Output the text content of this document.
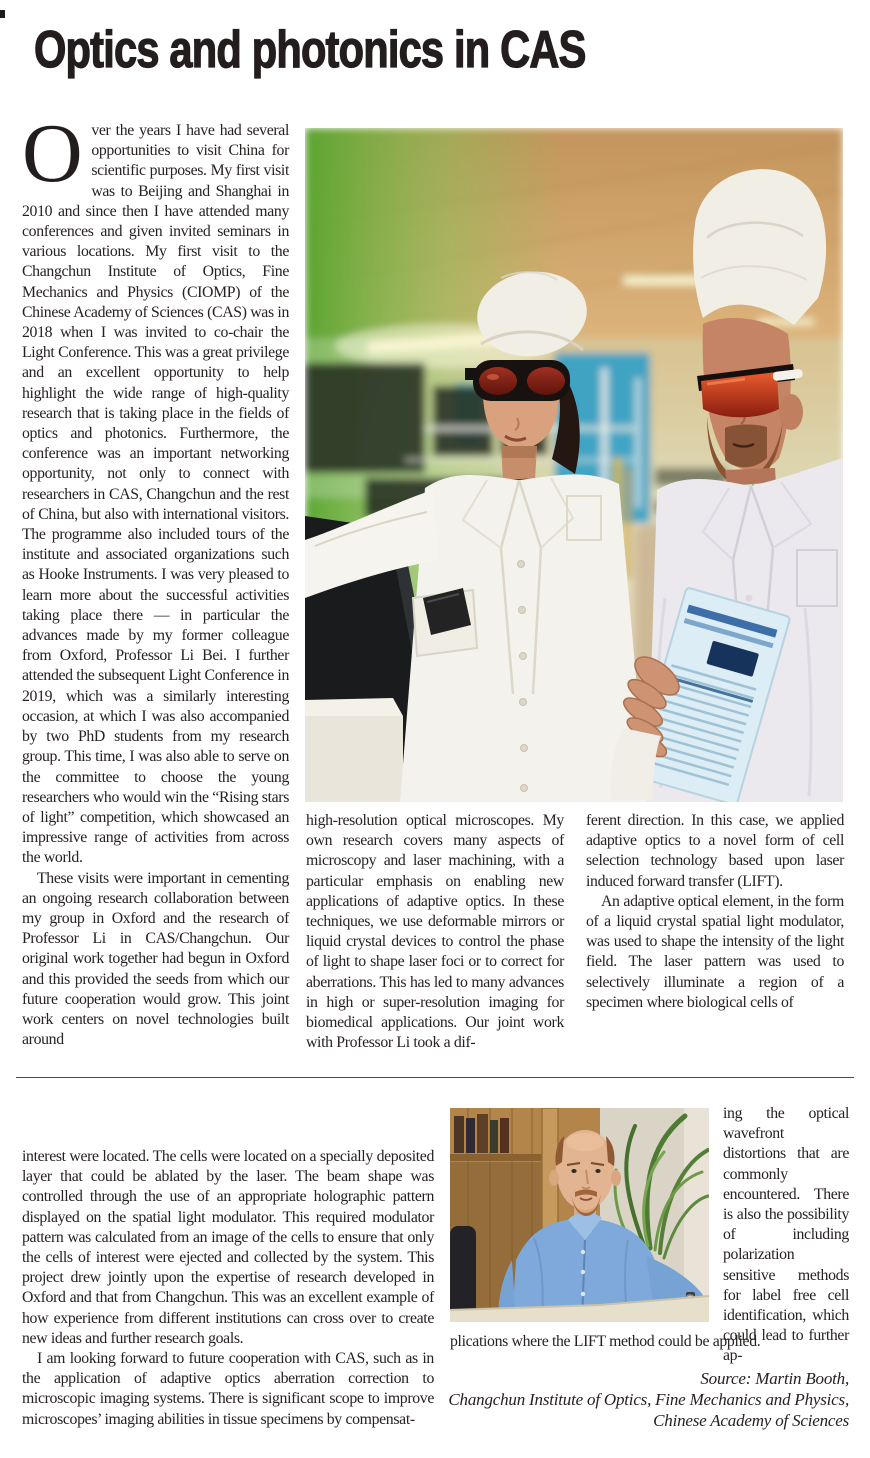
Optics and photonics in CAS

Over the years I have had several opportunities to visit China for scientific purposes. My first visit was to Beijing and Shanghai in 2010 and since then I have attended many conferences and given invited seminars in various locations. My first visit to the Changchun Institute of Optics, Fine Mechanics and Physics (CIOMP) of the Chinese Academy of Sciences (CAS) was in 2018 when I was invited to co-chair the Light Conference. This was a great privilege and an excellent opportunity to help highlight the wide range of high-quality research that is taking place in the fields of optics and photonics. Furthermore, the conference was an important networking opportunity, not only to connect with researchers in CAS, Changchun and the rest of China, but also with international visitors. The programme also included tours of the institute and associated organizations such as Hooke Instruments. I was very pleased to learn more about the successful activities taking place there — in particular the advances made by my former colleague from Oxford, Professor Li Bei. I further attended the subsequent Light Conference in 2019, which was a similarly interesting occasion, at which I was also accompanied by two PhD students from my research group. This time, I was also able to serve on the committee to choose the young researchers who would win the “Rising stars of light” competition, which showcased an impressive range of activities from across the world.

These visits were important in cementing an ongoing research collaboration between my group in Oxford and the research of Professor Li in CAS/Changchun. Our original work together had begun in Oxford and this provided the seeds from which our future cooperation would grow. This joint work centers on novel technologies built around

high-resolution optical microscopes. My own research covers many aspects of microscopy and laser machining, with a particular emphasis on enabling new applications of adaptive optics. In these techniques, we use deformable mirrors or liquid crystal devices to control the phase of light to shape laser foci or to correct for aberrations. This has led to many advances in high or super-resolution imaging for biomedical applications. Our joint work with Professor Li took a dif-

ferent direction. In this case, we applied adaptive optics to a novel form of cell selection technology based upon laser induced forward transfer (LIFT).

An adaptive optical element, in the form of a liquid crystal spatial light modulator, was used to shape the intensity of the light field. The laser pattern was used to selectively illuminate a region of a specimen where biological cells of

interest were located. The cells were located on a specially deposited layer that could be ablated by the laser. The beam shape was controlled through the use of an appropriate holographic pattern displayed on the spatial light modulator. This required modulator pattern was calculated from an image of the cells to ensure that only the cells of interest were ejected and collected by the system. This project drew jointly upon the expertise of research developed in Oxford and that from Changchun. This was an excellent example of how experience from different institutions can cross over to create new ideas and further research goals.

I am looking forward to future cooperation with CAS, such as in the application of adaptive optics aberration correction to microscopic imaging systems. There is significant scope to improve microscopes’ imaging abilities in tissue specimens by compensat-

ing the optical wavefront distortions that are commonly encountered. There is also the possibility of including polarization sensitive methods for label free cell identification, which could lead to further ap-

plications where the LIFT method could be applied.

Source: Martin Booth,
Changchun Institute of Optics, Fine Mechanics and Physics,
Chinese Academy of Sciences
